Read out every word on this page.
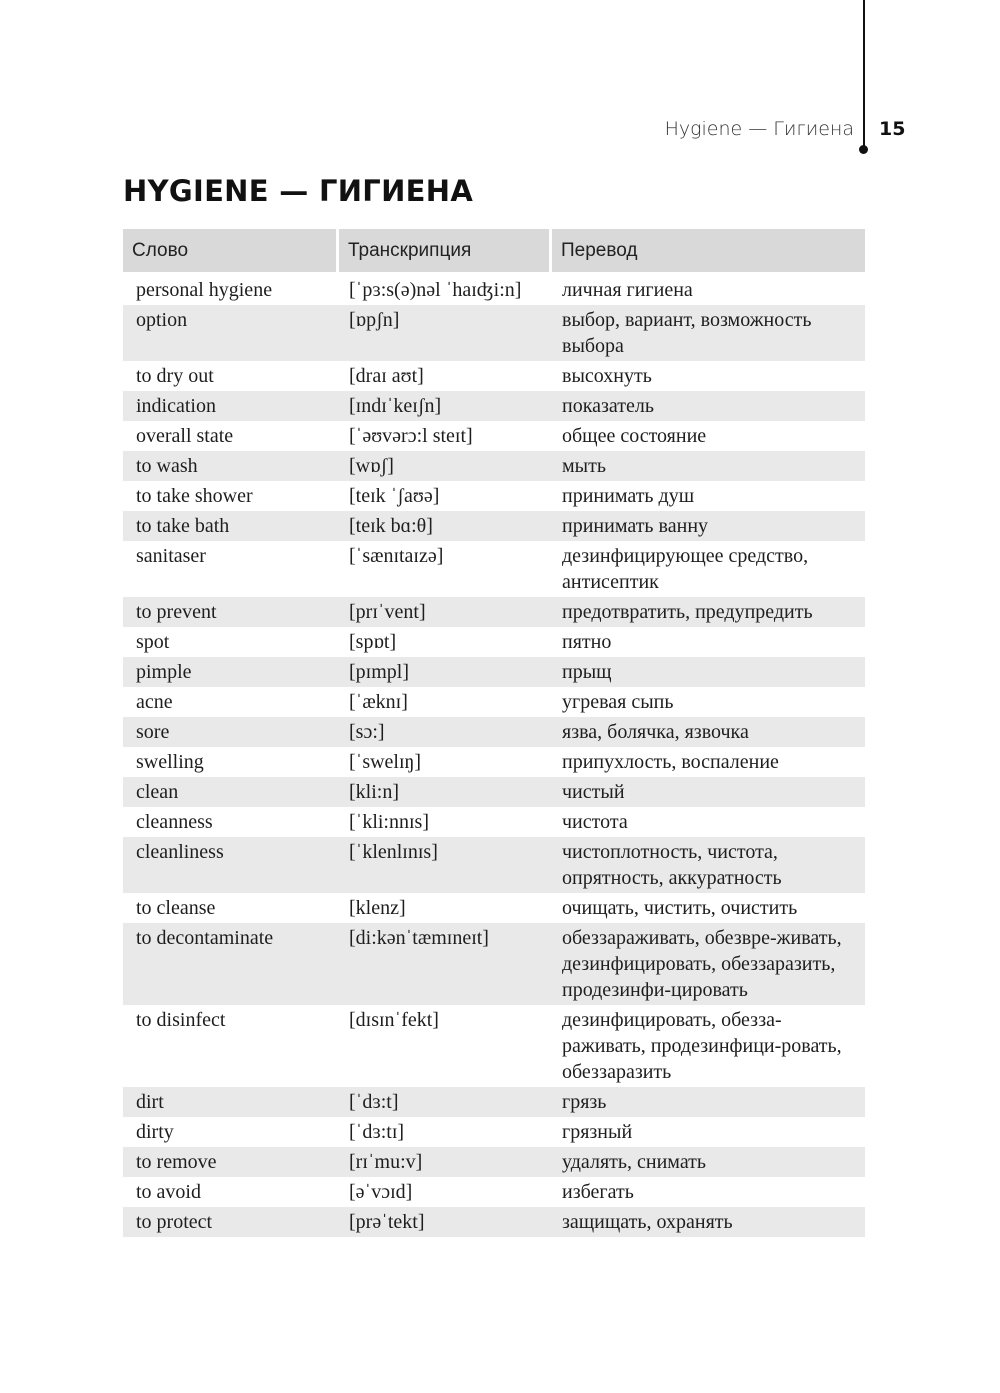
Hygiene — Гигиена 15
HYGIENE — ГИГИЕНА
Слово	Транскрипция	Перевод
personal hygiene	[ˈpɜ:s(ə)nəl ˈhaɪʤi:n]	личная гигиена
option	[ɒpʃn]	выбор, вариант, возможность выбора
to dry out	[draɪ aʊt]	высохнуть
indication	[ɪndɪˈkeɪʃn]	показатель
overall state	[ˈəʊvərɔ:l steɪt]	общее состояние
to wash	[wɒʃ]	мыть
to take shower	[teɪk ˈʃaʊə]	принимать душ
to take bath	[teɪk bɑ:θ]	принимать ванну
sanitaser	[ˈsænɪtaɪzə]	дезинфицирующее средство, антисептик
to prevent	[prɪˈvent]	предотвратить, предупредить
spot	[spɒt]	пятно
pimple	[pɪmpl]	прыщ
acne	[ˈæknɪ]	угревая сыпь
sore	[sɔ:]	язва, болячка, язвочка
swelling	[ˈswelɪŋ]	припухлость, воспаление
clean	[kli:n]	чистый
cleanness	[ˈkli:nnɪs]	чистота
cleanliness	[ˈklenlɪnɪs]	чистоплотность, чистота, опрятность, аккуратность
to cleanse	[klenz]	очищать, чистить, очистить
to decontaminate	[di:kənˈtæmɪneɪt]	обеззараживать, обезвре-живать, дезинфицировать, обеззаразить, продезинфи-цировать
to disinfect	[dɪsɪnˈfekt]	дезинфицировать, обезза-раживать, продезинфици-ровать, обеззаразить
dirt	[ˈdɜ:t]	грязь
dirty	[ˈdɜ:tɪ]	грязный
to remove	[rɪˈmu:v]	удалять, снимать
to avoid	[əˈvɔɪd]	избегать
to protect	[prəˈtekt]	защищать, охранять
